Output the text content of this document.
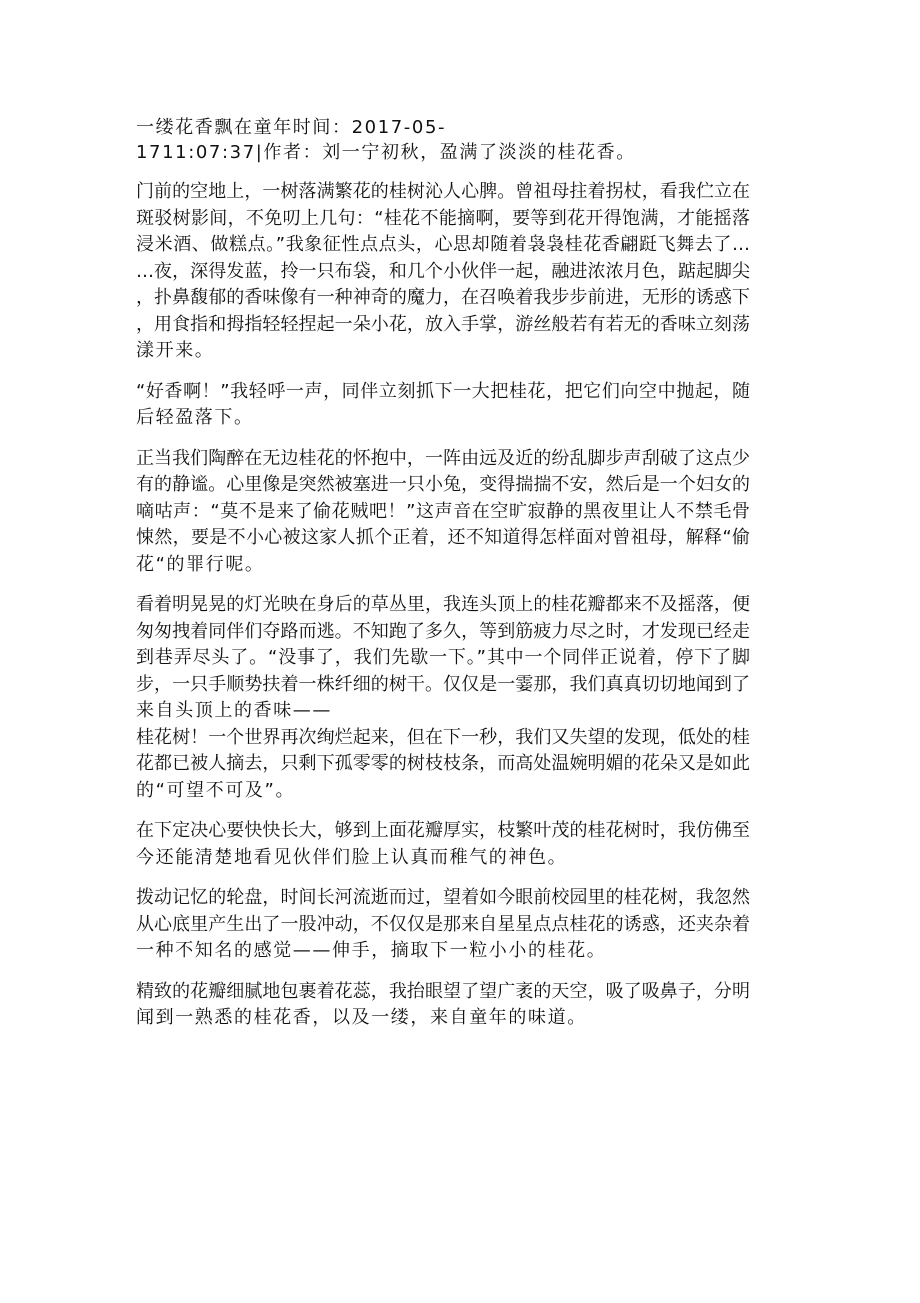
一缕花香飘在童年时间：2017-05-
1711:07:37|作者：刘一宁初秋，盈满了淡淡的桂花香。
门前的空地上，一树落满繁花的桂树沁人心脾。曾祖母拄着拐杖，看我伫立在
斑驳树影间，不免叨上几句：“桂花不能摘啊，要等到花开得饱满，才能摇落
浸米酒、做糕点。”我象征性点点头，心思却随着袅袅桂花香翩跹飞舞去了…
…夜，深得发蓝，拎一只布袋，和几个小伙伴一起，融进浓浓月色，踮起脚尖
，扑鼻馥郁的香味像有一种神奇的魔力，在召唤着我步步前进，无形的诱惑下
，用食指和拇指轻轻捏起一朵小花，放入手掌，游丝般若有若无的香味立刻荡
漾开来。
“好香啊！”我轻呼一声，同伴立刻抓下一大把桂花，把它们向空中抛起，随
后轻盈落下。
正当我们陶醉在无边桂花的怀抱中，一阵由远及近的纷乱脚步声刮破了这点少
有的静谧。心里像是突然被塞进一只小兔，变得揣揣不安，然后是一个妇女的
嘀咕声：“莫不是来了偷花贼吧！”这声音在空旷寂静的黑夜里让人不禁毛骨
悚然，要是不小心被这家人抓个正着，还不知道得怎样面对曾祖母，解释“偷
花“的罪行呢。
看着明晃晃的灯光映在身后的草丛里，我连头顶上的桂花瓣都来不及摇落，便
匆匆拽着同伴们夺路而逃。不知跑了多久，等到筋疲力尽之时，才发现已经走
到巷弄尽头了。“没事了，我们先歇一下。”其中一个同伴正说着，停下了脚
步，一只手顺势扶着一株纤细的树干。仅仅是一霎那，我们真真切切地闻到了
来自头顶上的香味——
桂花树！一个世界再次绚烂起来，但在下一秒，我们又失望的发现，低处的桂
花都已被人摘去，只剩下孤零零的树枝枝条，而高处温婉明媚的花朵又是如此
的“可望不可及”。
在下定决心要快快长大，够到上面花瓣厚实，枝繁叶茂的桂花树时，我仿佛至
今还能清楚地看见伙伴们脸上认真而稚气的神色。
拨动记忆的轮盘，时间长河流逝而过，望着如今眼前校园里的桂花树，我忽然
从心底里产生出了一股冲动，不仅仅是那来自星星点点桂花的诱惑，还夹杂着
一种不知名的感觉——伸手，摘取下一粒小小的桂花。
精致的花瓣细腻地包裹着花蕊，我抬眼望了望广袤的天空，吸了吸鼻子，分明
闻到一熟悉的桂花香，以及一缕，来自童年的味道。
